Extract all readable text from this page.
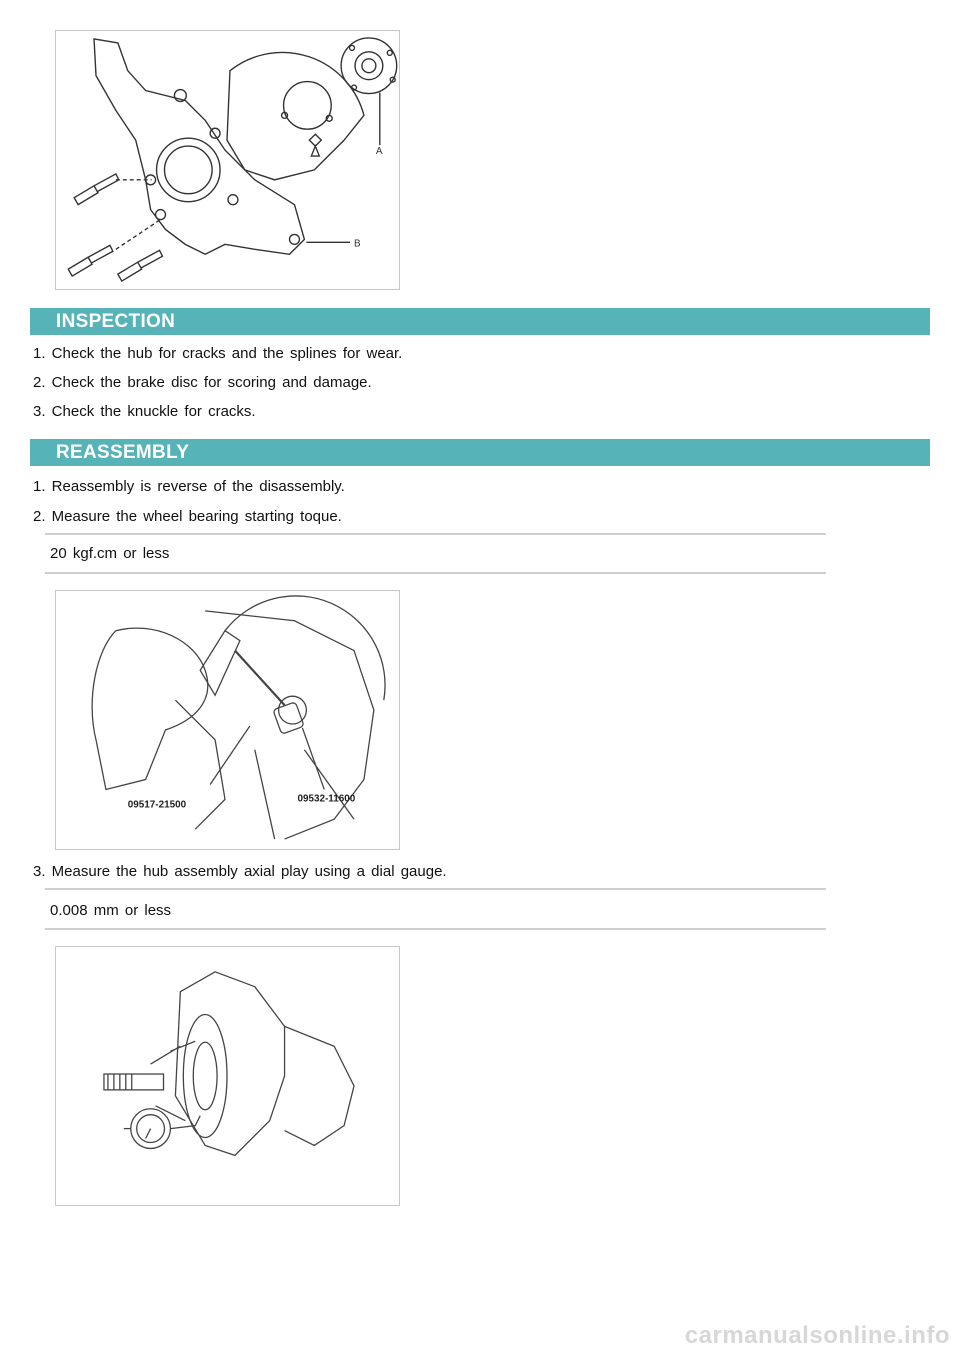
A
B
INSPECTION
1. Check the hub for cracks and the splines for wear.
2. Check the brake disc for scoring and damage.
3. Check the knuckle for cracks.
REASSEMBLY
1. Reassembly is reverse of the disassembly.
2. Measure the wheel bearing starting toque.
20 kgf.cm or less
09517-21500
09532-11600
3. Measure the hub assembly axial play using a dial gauge.
0.008 mm or less
carmanualsonline.info
